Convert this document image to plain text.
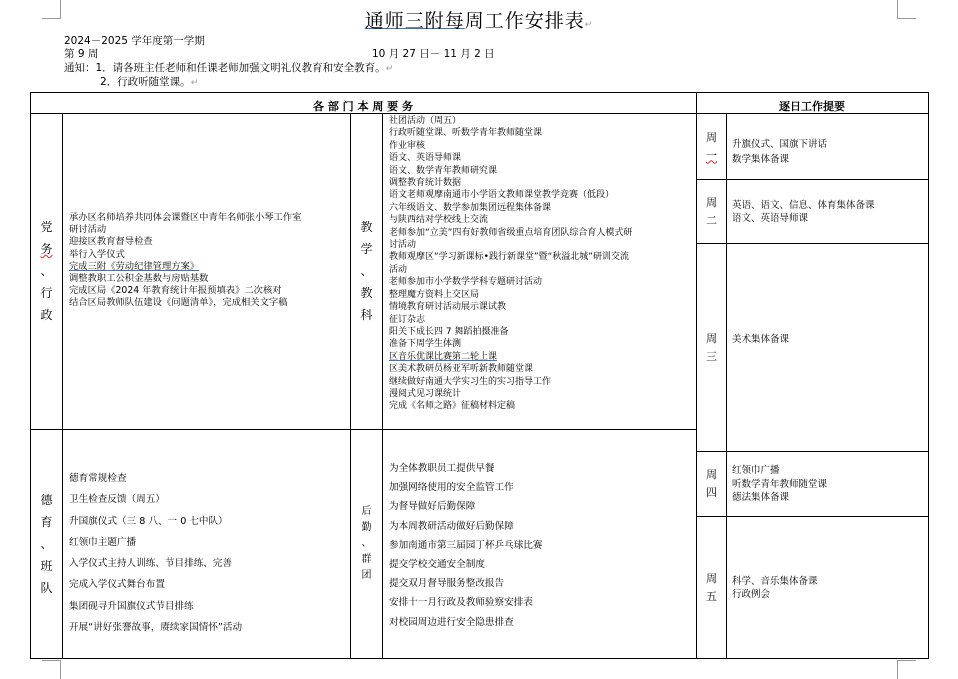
通师三附每周工作安排表↵
2024－2025 学年度第一学期
第 9 周	10 月 27 日－ 11 月 2 日
通知：1．请各班主任老师和任课老师加强文明礼仪教育和安全教育。↵
2．行政听随堂课。↵
各 部 门 本 周 要 务	逐日工作提要
党
务
、
行
政
承办区名师培养共同体会课暨区中青年名师张小琴工作室
研讨活动
迎接区教育督导检查
举行入学仪式
完成三附《劳动纪律管理方案》
调整教职工公积金基数与房贴基数
完成区局《2024 年教育统计年报预填表》二次核对
结合区局教师队伍建设《问题清单》，完成相关文字稿
教
学
、
教
科
社团活动（周五）
行政听随堂课、听数学青年教师随堂课
作业审核
语文、英语导师课
语文、数学青年教师研究课
调整教育统计数据
语文老师观摩南通市小学语文教师课堂教学竞赛（低段）
六年级语文、数学参加集团远程集体备课
与陕西结对学校线上交流
老师参加“立美”四有好教师省级重点培育团队综合育人模式研
讨活动
教师观摩区“学习新课标•践行新课堂”暨“秋溢北城”研训交流
活动
老师参加市小学数学学科专题研讨活动
整理魔方资料上交区局
情境教育研讨活动展示课试教
征订杂志
阳关下成长四 7 舞蹈拍摄准备
准备下周学生体测
区音乐优课比赛第二轮上课
区美术教研员杨亚军听新教师随堂课
继续做好南通大学实习生的实习指导工作
漫阅式见习课统计
完成《名师之路》征稿材料定稿
德
育
、
班
队
德育常规检查
卫生检查反馈（周五）
升国旗仪式（三 8 八、一 0 七中队）
红领巾主题广播
入学仪式主持人训练、节目排练、完善
完成入学仪式舞台布置
集团砚寻升国旗仪式节目排练
开展“讲好张謇故事，赓续家国情怀”活动
后
勤
、
群
团
为全体教职员工提供早餐
加强网络使用的安全监管工作
为督导做好后勤保障
为本周教研活动做好后勤保障
参加南通市第三届园丁杯乒乓球比赛
提交学校交通安全制度
提交双月督导服务整改报告
安排十一月行政及教师验察安排表
对校园周边进行安全隐患排查
周
一
升旗仪式、国旗下讲话
数学集体备课
周
二
英语、语文、信息、体育集体备课
语文、英语导师课
周
三
美术集体备课
周
四
红领巾广播
听数学青年教师随堂课
德法集体备课
周
五
科学、音乐集体备课
行政例会
